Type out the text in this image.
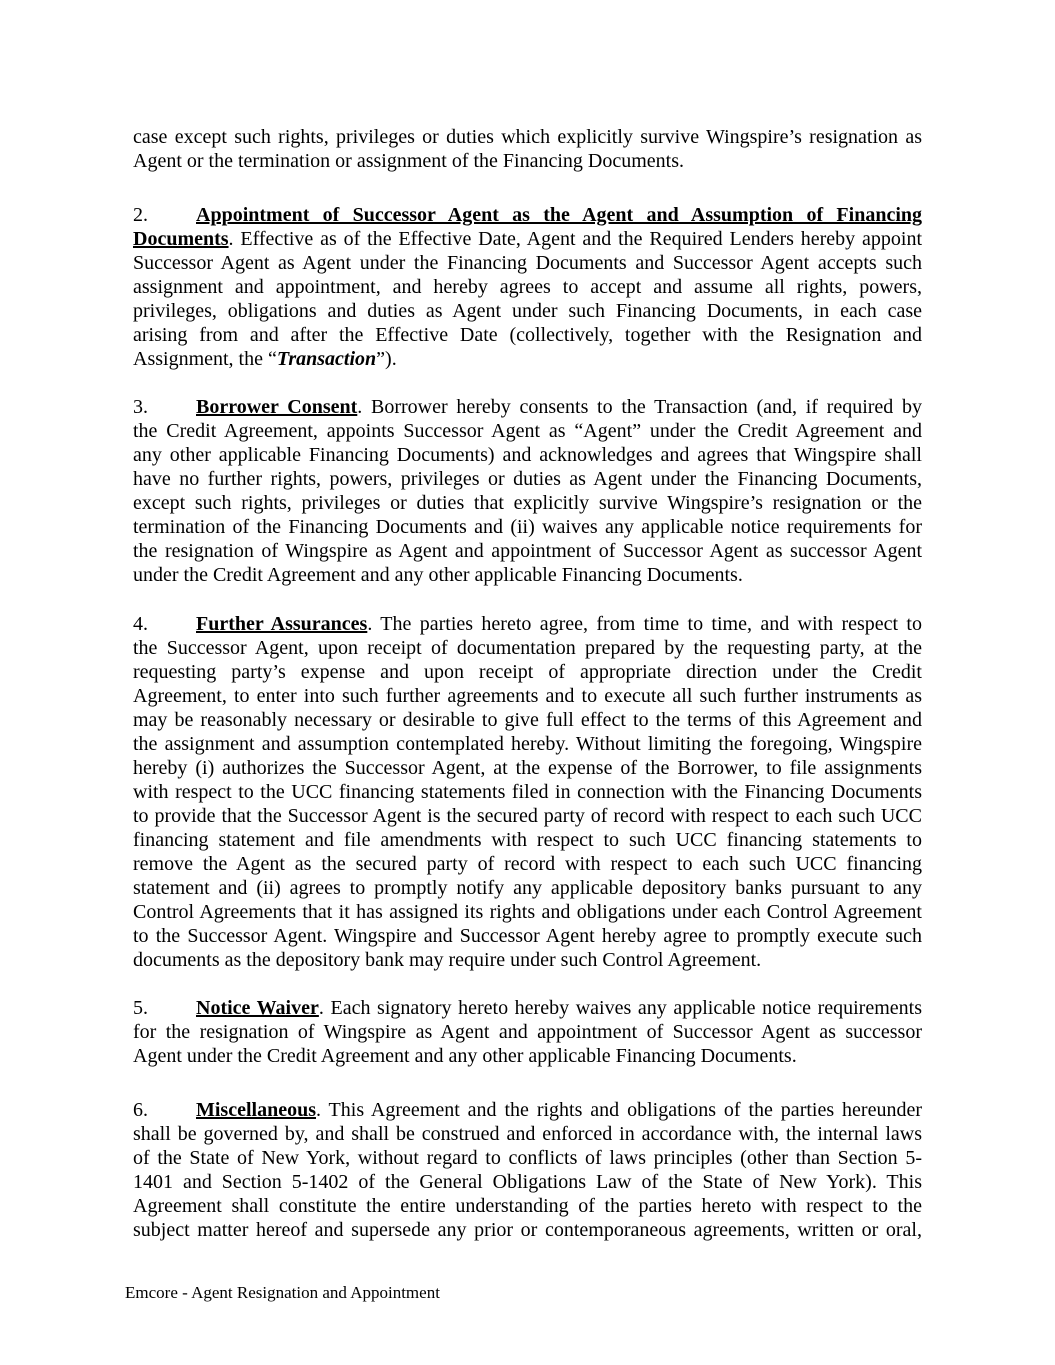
case except such rights, privileges or duties which explicitly survive Wingspire’s resignation as
Agent or the termination or assignment of the Financing Documents.
2. Appointment of Successor Agent as the Agent and Assumption of Financing
Documents. Effective as of the Effective Date, Agent and the Required Lenders hereby appoint
Successor Agent as Agent under the Financing Documents and Successor Agent accepts such
assignment and appointment, and hereby agrees to accept and assume all rights, powers,
privileges, obligations and duties as Agent under such Financing Documents, in each case
arising from and after the Effective Date (collectively, together with the Resignation and
Assignment, the “Transaction”).
3. Borrower Consent. Borrower hereby consents to the Transaction (and, if required by
the Credit Agreement, appoints Successor Agent as “Agent” under the Credit Agreement and
any other applicable Financing Documents) and acknowledges and agrees that Wingspire shall
have no further rights, powers, privileges or duties as Agent under the Financing Documents,
except such rights, privileges or duties that explicitly survive Wingspire’s resignation or the
termination of the Financing Documents and (ii) waives any applicable notice requirements for
the resignation of Wingspire as Agent and appointment of Successor Agent as successor Agent
under the Credit Agreement and any other applicable Financing Documents.
4. Further Assurances. The parties hereto agree, from time to time, and with respect to
the Successor Agent, upon receipt of documentation prepared by the requesting party, at the
requesting party’s expense and upon receipt of appropriate direction under the Credit
Agreement, to enter into such further agreements and to execute all such further instruments as
may be reasonably necessary or desirable to give full effect to the terms of this Agreement and
the assignment and assumption contemplated hereby. Without limiting the foregoing, Wingspire
hereby (i) authorizes the Successor Agent, at the expense of the Borrower, to file assignments
with respect to the UCC financing statements filed in connection with the Financing Documents
to provide that the Successor Agent is the secured party of record with respect to each such UCC
financing statement and file amendments with respect to such UCC financing statements to
remove the Agent as the secured party of record with respect to each such UCC financing
statement and (ii) agrees to promptly notify any applicable depository banks pursuant to any
Control Agreements that it has assigned its rights and obligations under each Control Agreement
to the Successor Agent. Wingspire and Successor Agent hereby agree to promptly execute such
documents as the depository bank may require under such Control Agreement.
5. Notice Waiver. Each signatory hereto hereby waives any applicable notice requirements
for the resignation of Wingspire as Agent and appointment of Successor Agent as successor
Agent under the Credit Agreement and any other applicable Financing Documents.
6. Miscellaneous. This Agreement and the rights and obligations of the parties hereunder
shall be governed by, and shall be construed and enforced in accordance with, the internal laws
of the State of New York, without regard to conflicts of laws principles (other than Section 5-
1401 and Section 5-1402 of the General Obligations Law of the State of New York). This
Agreement shall constitute the entire understanding of the parties hereto with respect to the
subject matter hereof and supersede any prior or contemporaneous agreements, written or oral,
Emcore - Agent Resignation and Appointment
